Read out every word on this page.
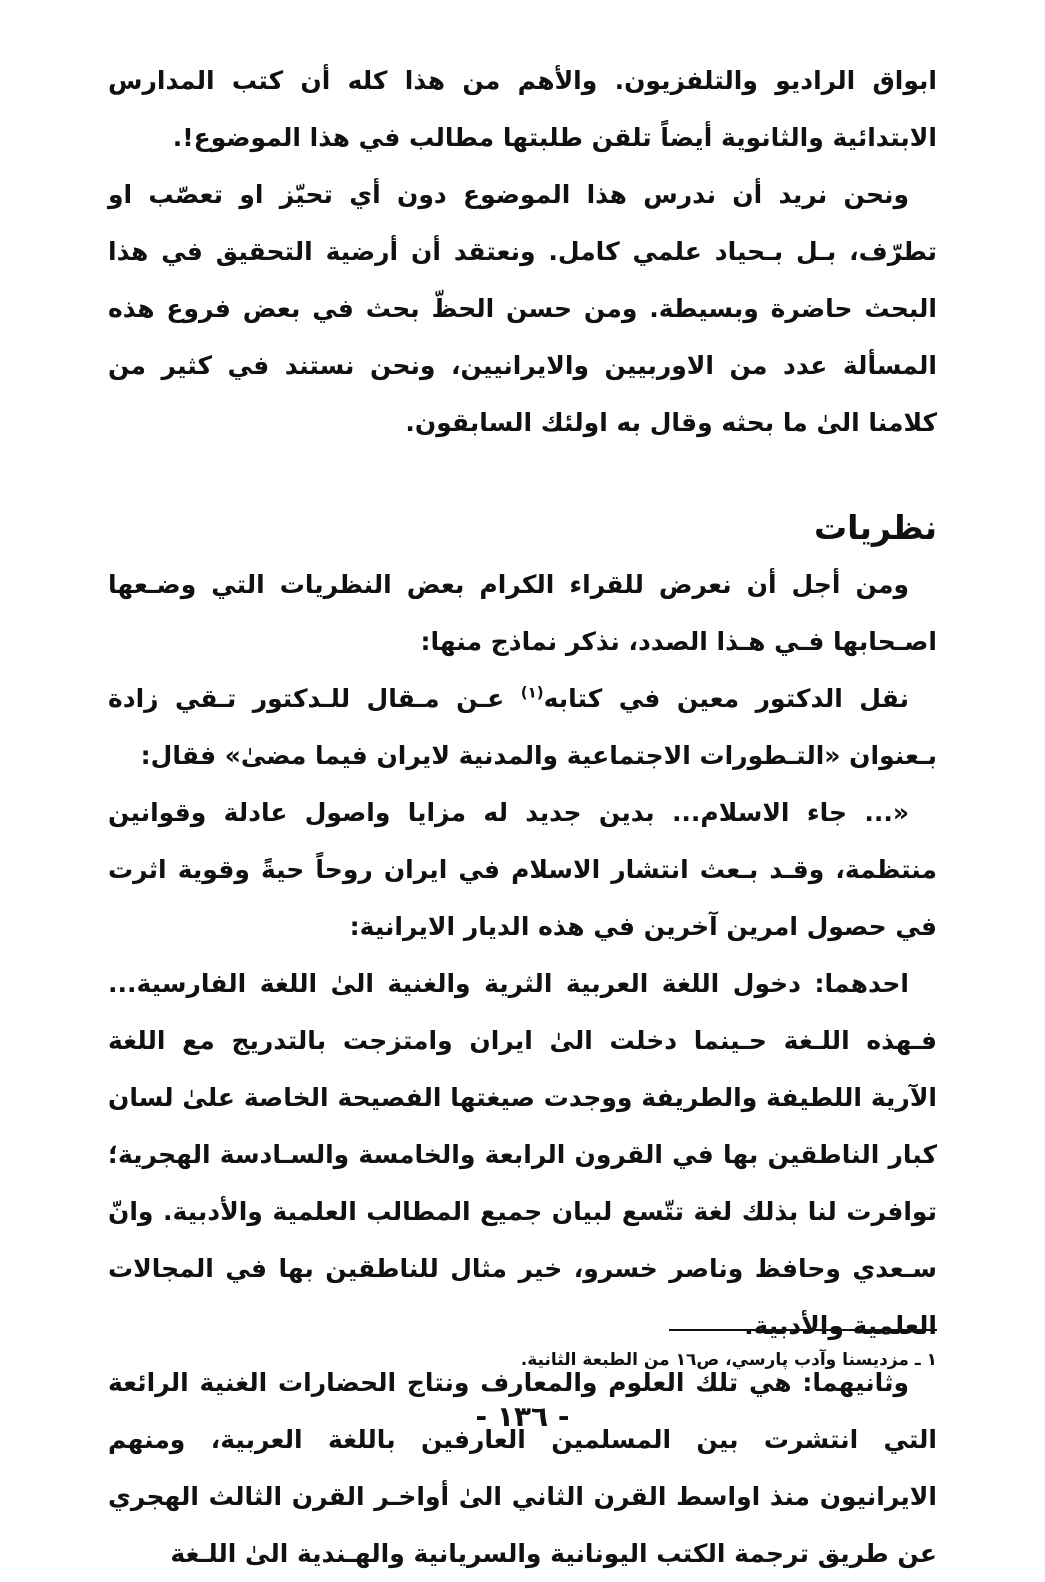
ابواق الراديو والتلفزيون. والأهم من هذا كله أن كتب المدارس الابتدائية والثانوية أيضاً تلقن طلبتها مطالب في هذا الموضوع!.

ونحن نريد أن ندرس هذا الموضوع دون أي تحيّز او تعصّب او تطرّف، بـل بـحياد علمي كامل. ونعتقد أن أرضية التحقيق في هذا البحث حاضرة وبسيطة. ومن حسن الحظّ بحث في بعض فروع هذه المسألة عدد من الاوربيين والايرانيين، ونحن نستند في كثير من كلامنا الىٰ ما بحثه وقال به اولئك السابقون.

نظريات

ومن أجل أن نعرض للقراء الكرام بعض النظريات التي وضـعها اصـحابها فـي هـذا الصدد، نذكر نماذج منها:

نقل الدكتور معين في كتابه$^{(١)}$ عـن مـقال للـدكتور تـقي زادة بـعنوان «التـطورات الاجتماعية والمدنية لايران فيما مضىٰ» فقال:

«... جاء الاسلام... بدين جديد له مزايا واصول عادلة وقوانين منتظمة، وقـد بـعث انتشار الاسلام في ايران روحاً حيةً وقوية اثرت في حصول امرين آخرين في هذه الديار الايرانية:

احدهما: دخول اللغة العربية الثرية والغنية الىٰ اللغة الفارسية... فـهذه اللـغة حـينما دخلت الىٰ ايران وامتزجت بالتدريج مع اللغة الآرية اللطيفة والطريفة ووجدت صيغتها الفصيحة الخاصة علىٰ لسان كبار الناطقين بها في القرون الرابعة والخامسة والسـادسة الهجرية؛ توافرت لنا بذلك لغة تتّسع لبيان جميع المطالب العلمية والأدبية. وانّ سـعدي وحافظ وناصر خسرو، خير مثال للناطقين بها في المجالات العلمية والأدبية.

وثانيهما: هي تلك العلوم والمعارف ونتاج الحضارات الغنية الرائعة التي انتشرت بين المسلمين العارفين باللغة العربية، ومنهم الايرانيون منذ اواسط القرن الثاني الىٰ أواخـر القرن الثالث الهجري عن طريق ترجمة الكتب اليونانية والسريانية والهـندية الىٰ اللـغة

١ ـ مزديسنا وآدب پارسي، ص١٦ من الطبعة الثانية.
- ١٣٦ -
